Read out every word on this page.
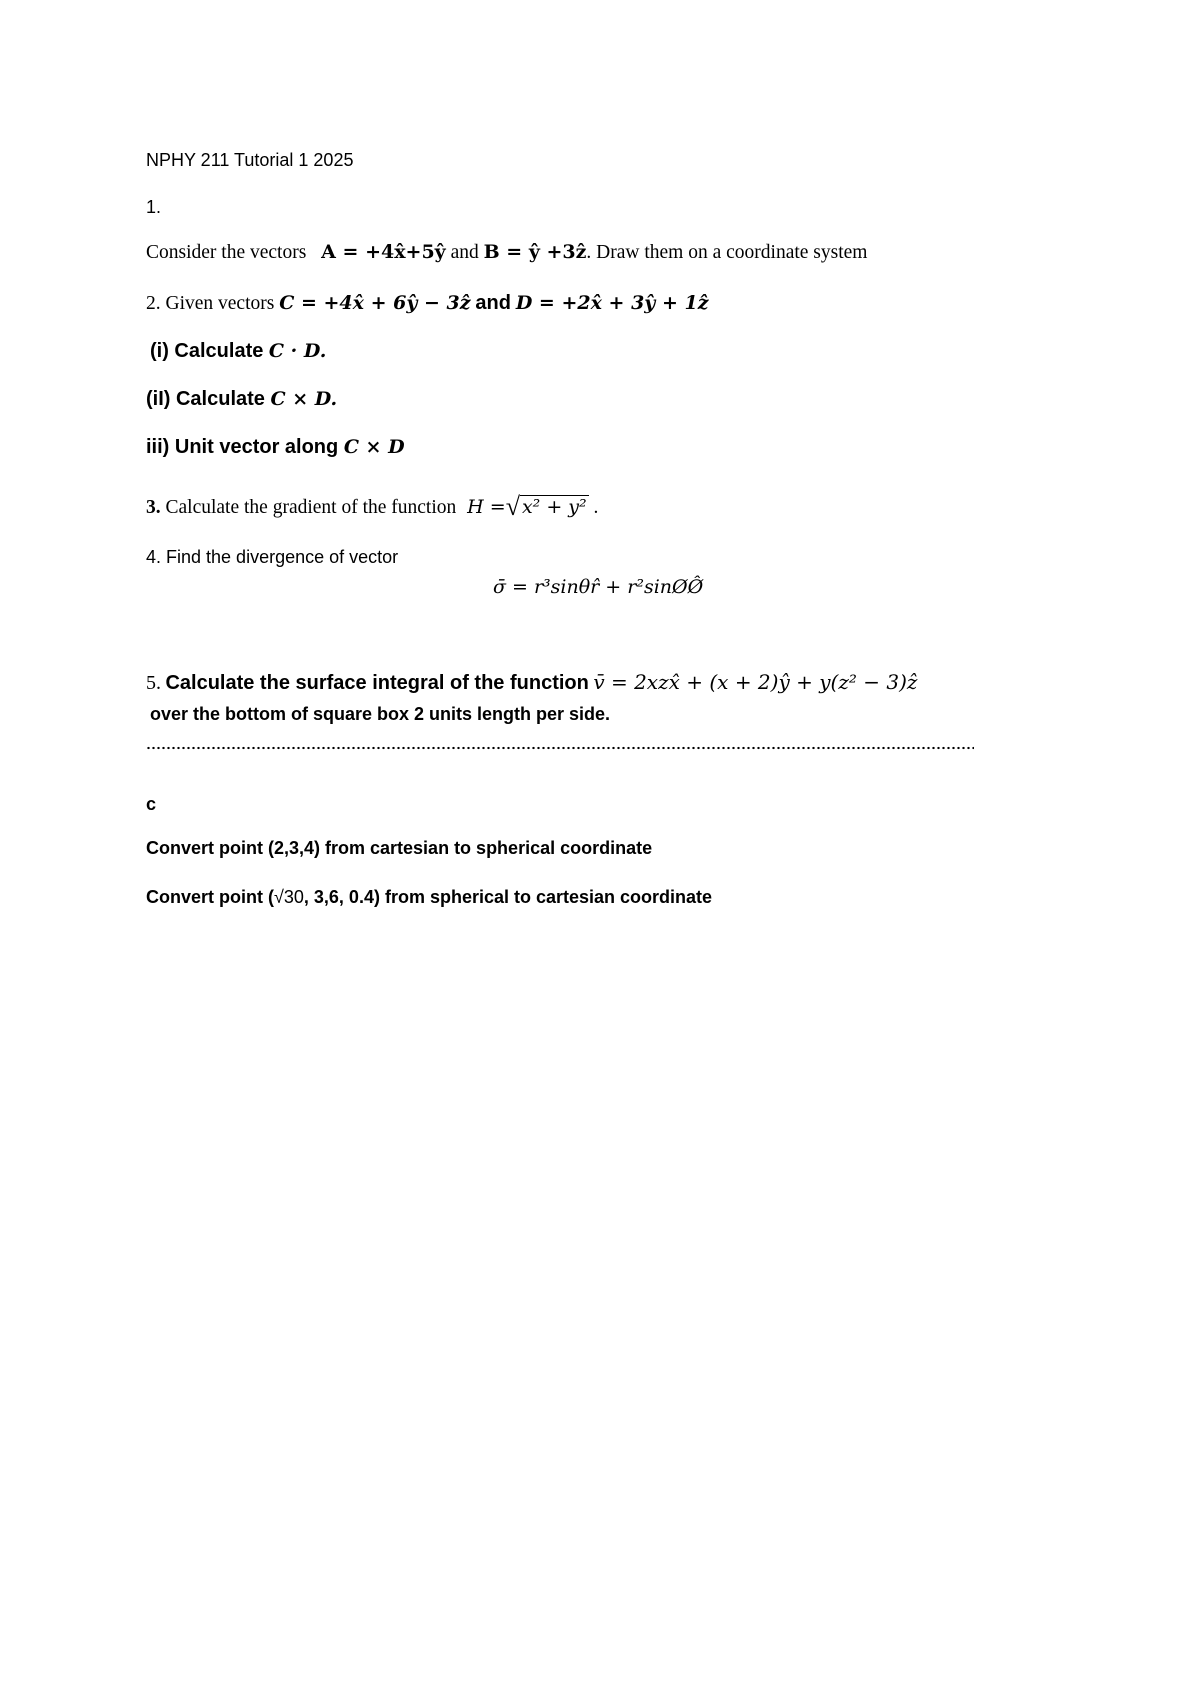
NPHY 211 Tutorial 1 2025
1.
Consider the vectors A = +4x̂+5ŷ and B = ŷ +3ẑ. Draw them on a coordinate system
2. Given vectors C = +4x̂ + 6ŷ − 3ẑ and D = +2x̂ + 3ŷ + 1ẑ
(i) Calculate C · D.
(iI) Calculate C × D.
iii) Unit vector along C × D
3. Calculate the gradient of the function H =√ x² + y² .
4. Find the divergence of vector
σ̄ = r³sinθr̂ + r²sinØØ̂
5. Calculate the surface integral of the function v̄ = 2xzx̂ + (x + 2)ŷ + y(z² − 3)ẑ
over the bottom of square box 2 units length per side.
c
Convert point (2,3,4) from cartesian to spherical coordinate
Convert point (√30, 3,6, 0.4) from spherical to cartesian coordinate
